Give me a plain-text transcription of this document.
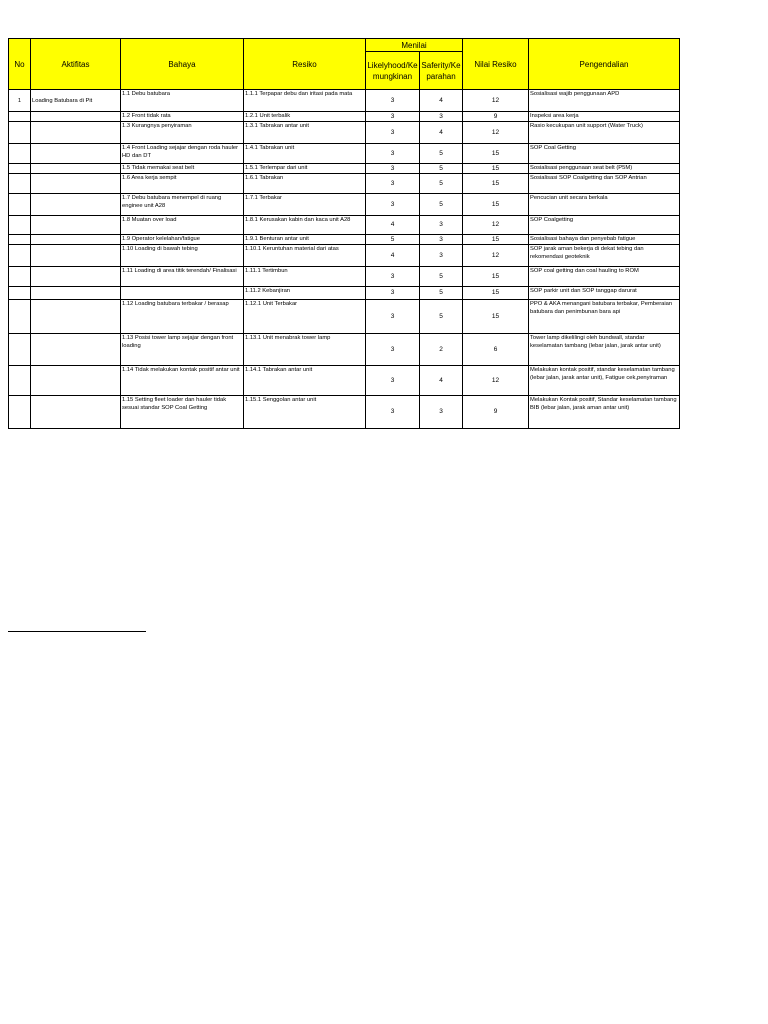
No	Aktifitas	Bahaya	Resiko	Menilai		Nilai Resiko	Pengendalian
				Likelyhood/Kemungkinan	Saferity/Keparahan		
1	Loading Batubara di Pit	1.1 Debu batubara	1.1.1 Terpapar debu dan iritasi pada mata	3	4	12	Sosialisasi wajib penggunaan APD
		1.2 Front tidak rata	1.2.1 Unit terbalik	3	3	9	Inspeksi area kerja
		1.3 Kurangnya penyiraman	1.3.1 Tabrakan antar unit	3	4	12	Rasio kecukupan unit support (Water Truck)
		1.4 Front Loading sejajar dengan roda hauler HD dan DT	1.4.1 Tabrakan unit	3	5	15	SOP Coal Getting
		1.5 Tidak memakai seat belt	1.5.1 Terlempar dari unit	3	5	15	Sosialisasi penggunaan seat belt (P5M)
		1.6 Area kerja sempit	1.6.1 Tabrakan	3	5	15	Sosialisasi SOP Coalgetting dan SOP Antrian
		1.7 Debu batubara menempel di ruang enginee unit A28	1.7.1 Terbakar	3	5	15	Pencucian unit secara berkala
		1.8 Muatan over load	1.8.1 Kerusakan kabin dan kaca unit A28	4	3	12	SOP Coalgetting
		1.9 Operator kelelahan/fatigue	1.9.1 Benturan antar unit	5	3	15	Sosialisasi bahaya dan penyebab fatigue
		1.10 Loading di bawah tebing	1.10.1 Keruntuhan material dari atas	4	3	12	SOP jarak aman bekerja di dekat tebing dan rekomendasi geoteknik
		1.11 Loading di area titik terendah/ Finalisasi	1.11.1 Tertimbun	3	5	15	SOP coal getting dan coal hauling to ROM
			1.11.2 Kebanjiran	3	5	15	SOP parkir unit dan SOP tanggap darurat
		1.12 Loading batubara terbakar / berasap	1.12.1 Unit Terbakar	3	5	15	PPO & AKA menangani batubara terbakar, Pemberaian batubara dan penimbunan bara api
		1.13 Posisi tower lamp sejajar dengan front loading	1.13.1 Unit menabrak tower lamp	3	2	6	Tower lamp dikelilingi oleh bundwall, standar keselamatan tambang (lebar jalan, jarak antar unit)
		1.14 Tidak melakukan kontak positif antar unit	1.14.1 Tabrakan antar unit	3	4	12	Melakukan kontak positif, standar keselamatan tambang (lebar jalan, jarak antar unit), Fatigue cek,penyiraman
		1.15 Setting fleet loader dan hauler tidak sesuai standar SOP Coal Getting	1.15.1 Senggolan antar unit	3	3	9	Melakukan Kontak positif, Standar keselamatan tambang BIB (lebar jalan, jarak aman antar unit)
